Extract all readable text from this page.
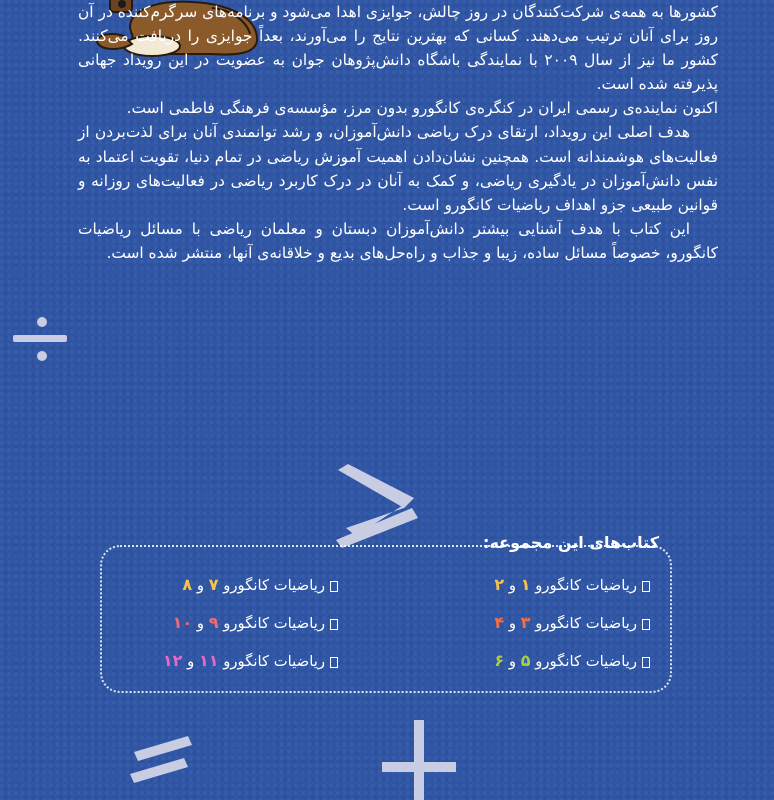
کشورها به همه‌ی شرکت‌کنندگان در روز چالش، جوایزی اهدا می‌شود و برنامه‌های سرگرم‌کننده در آن روز برای آنان ترتیب می‌دهند. کسانی که بهترین نتایج را می‌آورند، بعداً جوایزی را دریافت می‌کنند. کشور ما نیز از سال ۲۰۰۹ با نمایندگی باشگاه دانش‌پژوهان جوان به عضویت در این رویداد جهانی پذیرفته شده است.

اکنون نماینده‌ی رسمی ایران در کنگره‌ی کانگورو بدون مرز، مؤسسه‌ی فرهنگی فاطمی است.

هدف اصلی این رویداد، ارتقای درک ریاضی دانش‌آموزان، و رشد توانمندی آنان برای لذت‌بردن از فعالیت‌های هوشمندانه است. همچنین نشان‌دادن اهمیت آموزش ریاضی در تمام دنیا، تقویت اعتماد به نفس دانش‌آموزان در یادگیری ریاضی، و کمک به آنان در درک کاربرد ریاضی در فعالیت‌های روزانه و قوانین طبیعی جزو اهداف ریاضیات کانگورو است.

این کتاب با هدف آشنایی بیشتر دانش‌آموزان دبستان و معلمان ریاضی با مسائل ریاضیات کانگورو، خصوصاً مسائل ساده، زیبا و جذاب و راه‌حل‌های بدیع و خلاقانه‌ی آنها، منتشر شده است.

کتاب‌های این مجموعه:
ریاضیات کانگورو ۱ و ۲
ریاضیات کانگورو ۳ و ۴
ریاضیات کانگورو ۵ و ۶
ریاضیات کانگورو ۷ و ۸
ریاضیات کانگورو ۹ و ۱۰
ریاضیات کانگورو ۱۱ و ۱۲
